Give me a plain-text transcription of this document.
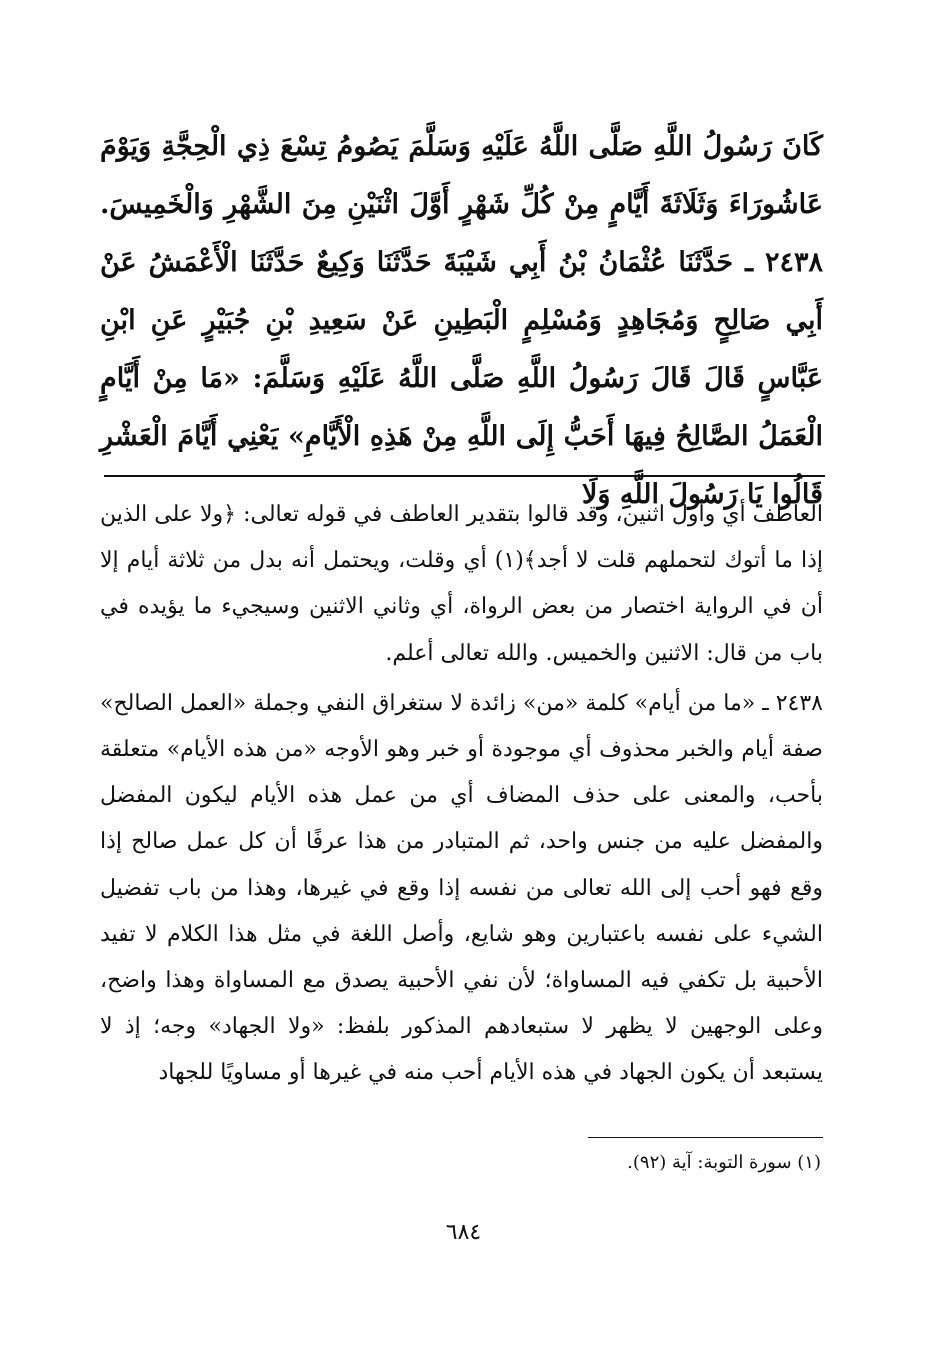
كَانَ رَسُولُ اللَّهِ صَلَّى اللَّهُ عَلَيْهِ وَسَلَّمَ يَصُومُ تِسْعَ ذِي الْحِجَّةِ وَيَوْمَ عَاشُورَاءَ وَثَلَاثَةَ أَيَّامٍ مِنْ كُلِّ شَهْرٍ أَوَّلَ اثْنَيْنِ مِنَ الشَّهْرِ وَالْخَمِيسَ.

٢٤٣٨ ـ حَدَّثَنَا عُثْمَانُ بْنُ أَبِي شَيْبَةَ حَدَّثَنَا وَكِيعٌ حَدَّثَنَا الْأَعْمَشُ عَنْ أَبِي صَالِحٍ وَمُجَاهِدٍ وَمُسْلِمٍ الْبَطِينِ عَنْ سَعِيدِ بْنِ جُبَيْرٍ عَنِ ابْنِ عَبَّاسٍ قَالَ قَالَ رَسُولُ اللَّهِ صَلَّى اللَّهُ عَلَيْهِ وَسَلَّمَ: «مَا مِنْ أَيَّامٍ الْعَمَلُ الصَّالِحُ فِيهَا أَحَبُّ إِلَى اللَّهِ مِنْ هَذِهِ الْأَيَّامِ» يَعْنِي أَيَّامَ الْعَشْرِ قَالُوا يَا رَسُولَ اللَّهِ وَلَا

العاطف أي وأول اثنين، وقد قالوا بتقدير العاطف في قوله تعالى: ﴿ولا على الذين إذا ما أتوك لتحملهم قلت لا أجد﴾(١) أي وقلت، ويحتمل أنه بدل من ثلاثة أيام إلا أن في الرواية اختصار من بعض الرواة، أي وثاني الاثنين وسيجيء ما يؤيده في باب من قال: الاثنين والخميس. والله تعالى أعلم.

٢٤٣٨ ـ «ما من أيام» كلمة «من» زائدة لا ستغراق النفي وجملة «العمل الصالح» صفة أيام والخبر محذوف أي موجودة أو خبر وهو الأوجه «من هذه الأيام» متعلقة بأحب، والمعنى على حذف المضاف أي من عمل هذه الأيام ليكون المفضل والمفضل عليه من جنس واحد، ثم المتبادر من هذا عرفًا أن كل عمل صالح إذا وقع فهو أحب إلى الله تعالى من نفسه إذا وقع في غيرها، وهذا من باب تفضيل الشيء على نفسه باعتبارين وهو شايع، وأصل اللغة في مثل هذا الكلام لا تفيد الأحبية بل تكفي فيه المساواة؛ لأن نفي الأحبية يصدق مع المساواة وهذا واضح، وعلى الوجهين لا يظهر لا ستبعادهم المذكور بلفظ: «ولا الجهاد» وجه؛ إذ لا يستبعد أن يكون الجهاد في هذه الأيام أحب منه في غيرها أو مساويًا للجهاد

(١) سورة التوبة: آية (٩٢).
٦٨٤
